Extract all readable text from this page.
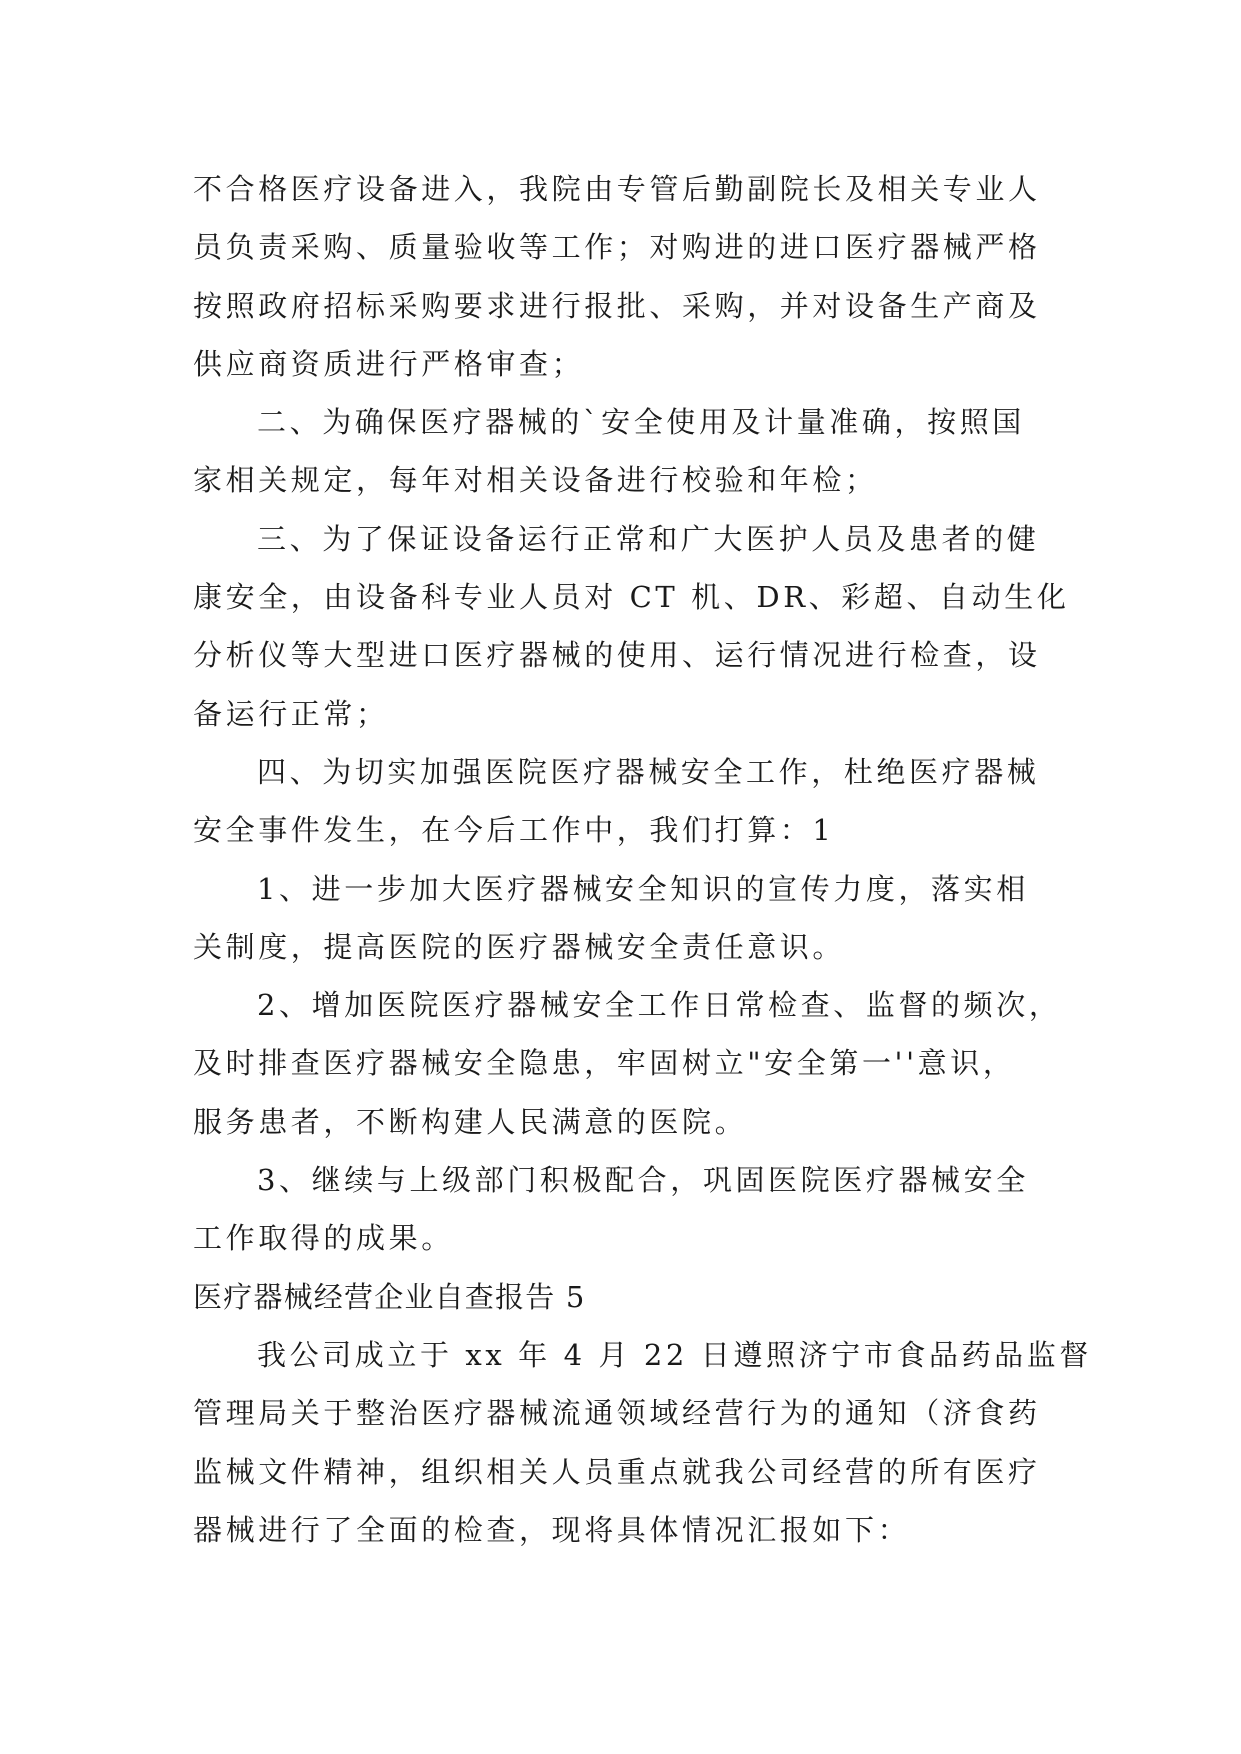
不合格医疗设备进入，我院由专管后勤副院长及相关专业人
员负责采购、质量验收等工作；对购进的进口医疗器械严格
按照政府招标采购要求进行报批、采购，并对设备生产商及
供应商资质进行严格审查；
二、为确保医疗器械的`安全使用及计量准确，按照国
家相关规定，每年对相关设备进行校验和年检；
三、为了保证设备运行正常和广大医护人员及患者的健
康安全，由设备科专业人员对 CT 机、DR、彩超、自动生化
分析仪等大型进口医疗器械的使用、运行情况进行检查，设
备运行正常；
四、为切实加强医院医疗器械安全工作，杜绝医疗器械
安全事件发生，在今后工作中，我们打算：1
1、进一步加大医疗器械安全知识的宣传力度，落实相
关制度，提高医院的医疗器械安全责任意识。
2、增加医院医疗器械安全工作日常检查、监督的频次，
及时排查医疗器械安全隐患，牢固树立"安全第一''意识，
服务患者，不断构建人民满意的医院。
3、继续与上级部门积极配合，巩固医院医疗器械安全
工作取得的成果。
医疗器械经营企业自查报告 5
我公司成立于 xx 年 4 月 22 日遵照济宁市食品药品监督
管理局关于整治医疗器械流通领域经营行为的通知（济食药
监械文件精神，组织相关人员重点就我公司经营的所有医疗
器械进行了全面的检查，现将具体情况汇报如下：
